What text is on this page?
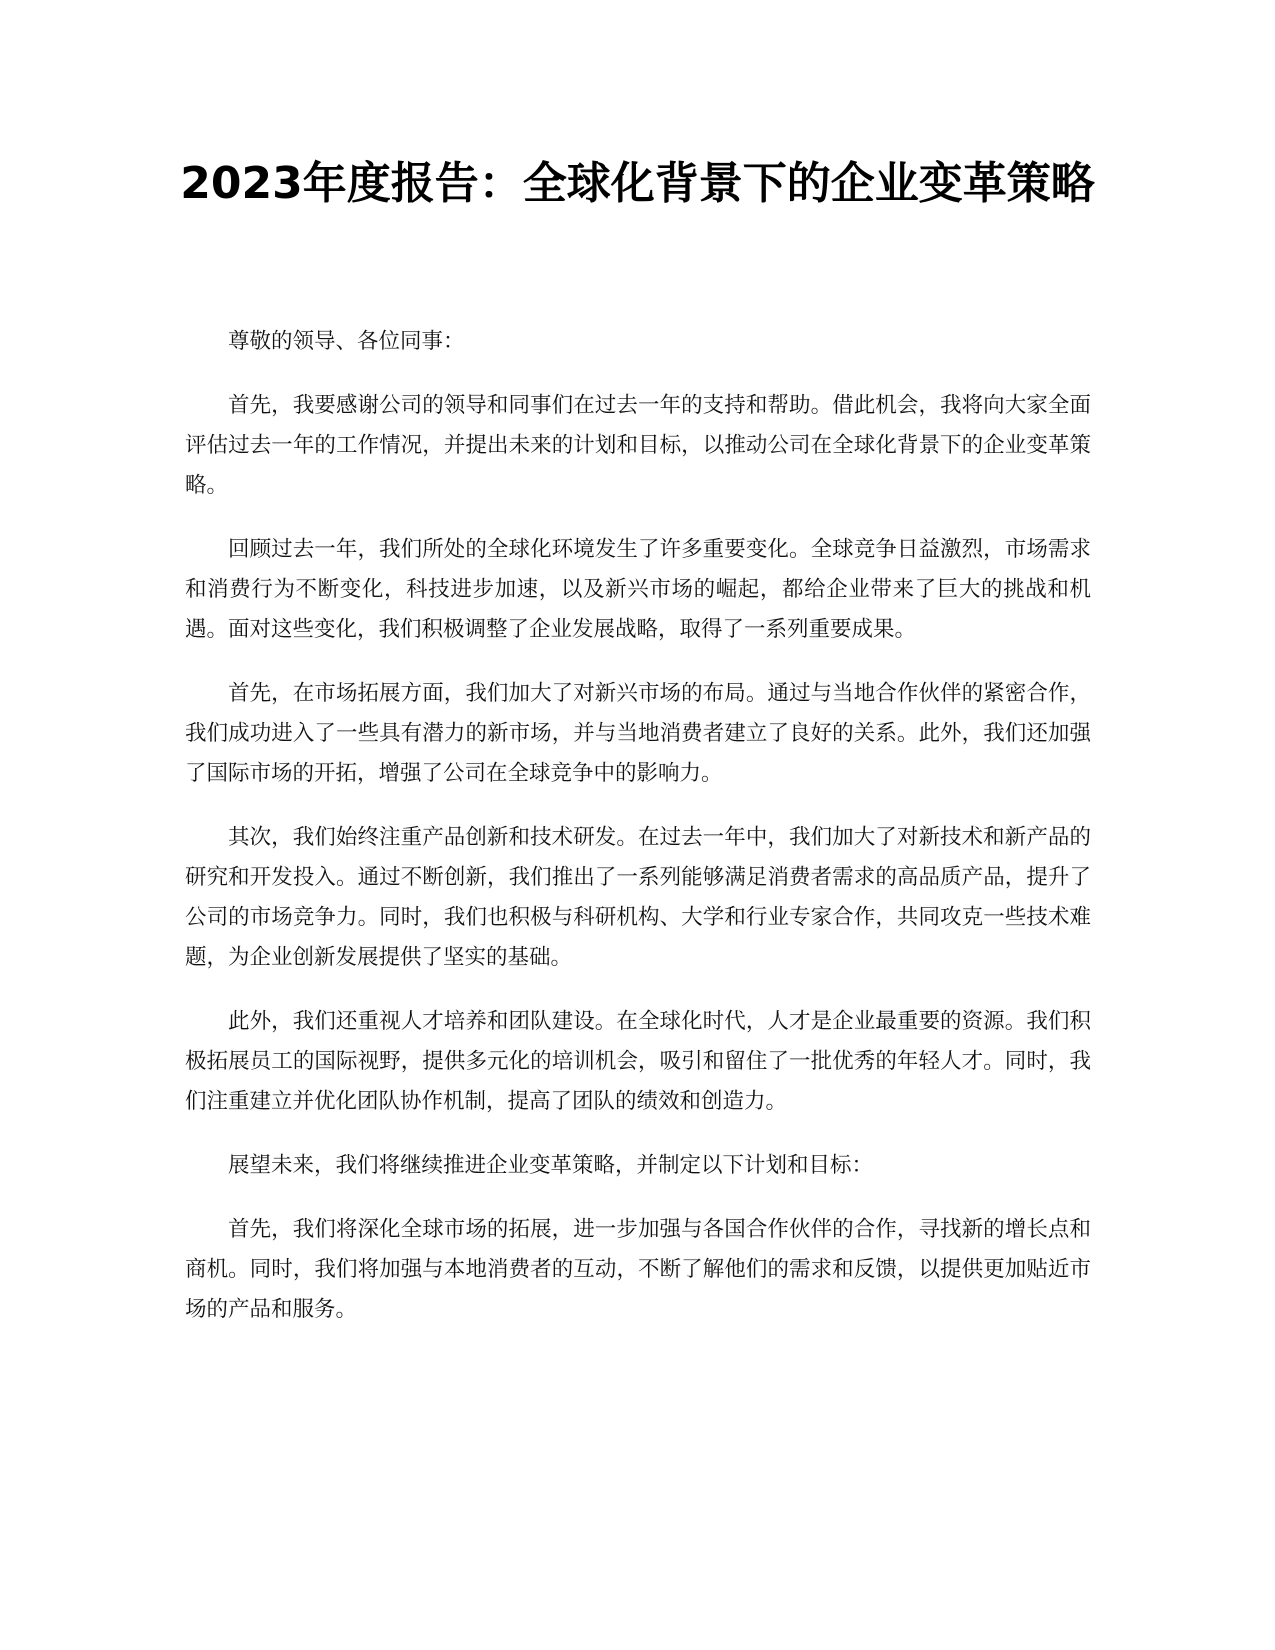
2023年度报告：全球化背景下的企业变革策略

尊敬的领导、各位同事：

首先，我要感谢公司的领导和同事们在过去一年的支持和帮助。借此机会，我将向大家全面评估过去一年的工作情况，并提出未来的计划和目标，以推动公司在全球化背景下的企业变革策略。

回顾过去一年，我们所处的全球化环境发生了许多重要变化。全球竞争日益激烈，市场需求和消费行为不断变化，科技进步加速，以及新兴市场的崛起，都给企业带来了巨大的挑战和机遇。面对这些变化，我们积极调整了企业发展战略，取得了一系列重要成果。

首先，在市场拓展方面，我们加大了对新兴市场的布局。通过与当地合作伙伴的紧密合作，我们成功进入了一些具有潜力的新市场，并与当地消费者建立了良好的关系。此外，我们还加强了国际市场的开拓，增强了公司在全球竞争中的影响力。

其次，我们始终注重产品创新和技术研发。在过去一年中，我们加大了对新技术和新产品的研究和开发投入。通过不断创新，我们推出了一系列能够满足消费者需求的高品质产品，提升了公司的市场竞争力。同时，我们也积极与科研机构、大学和行业专家合作，共同攻克一些技术难题，为企业创新发展提供了坚实的基础。

此外，我们还重视人才培养和团队建设。在全球化时代，人才是企业最重要的资源。我们积极拓展员工的国际视野，提供多元化的培训机会，吸引和留住了一批优秀的年轻人才。同时，我们注重建立并优化团队协作机制，提高了团队的绩效和创造力。

展望未来，我们将继续推进企业变革策略，并制定以下计划和目标：

首先，我们将深化全球市场的拓展，进一步加强与各国合作伙伴的合作，寻找新的增长点和商机。同时，我们将加强与本地消费者的互动，不断了解他们的需求和反馈，以提供更加贴近市场的产品和服务。
